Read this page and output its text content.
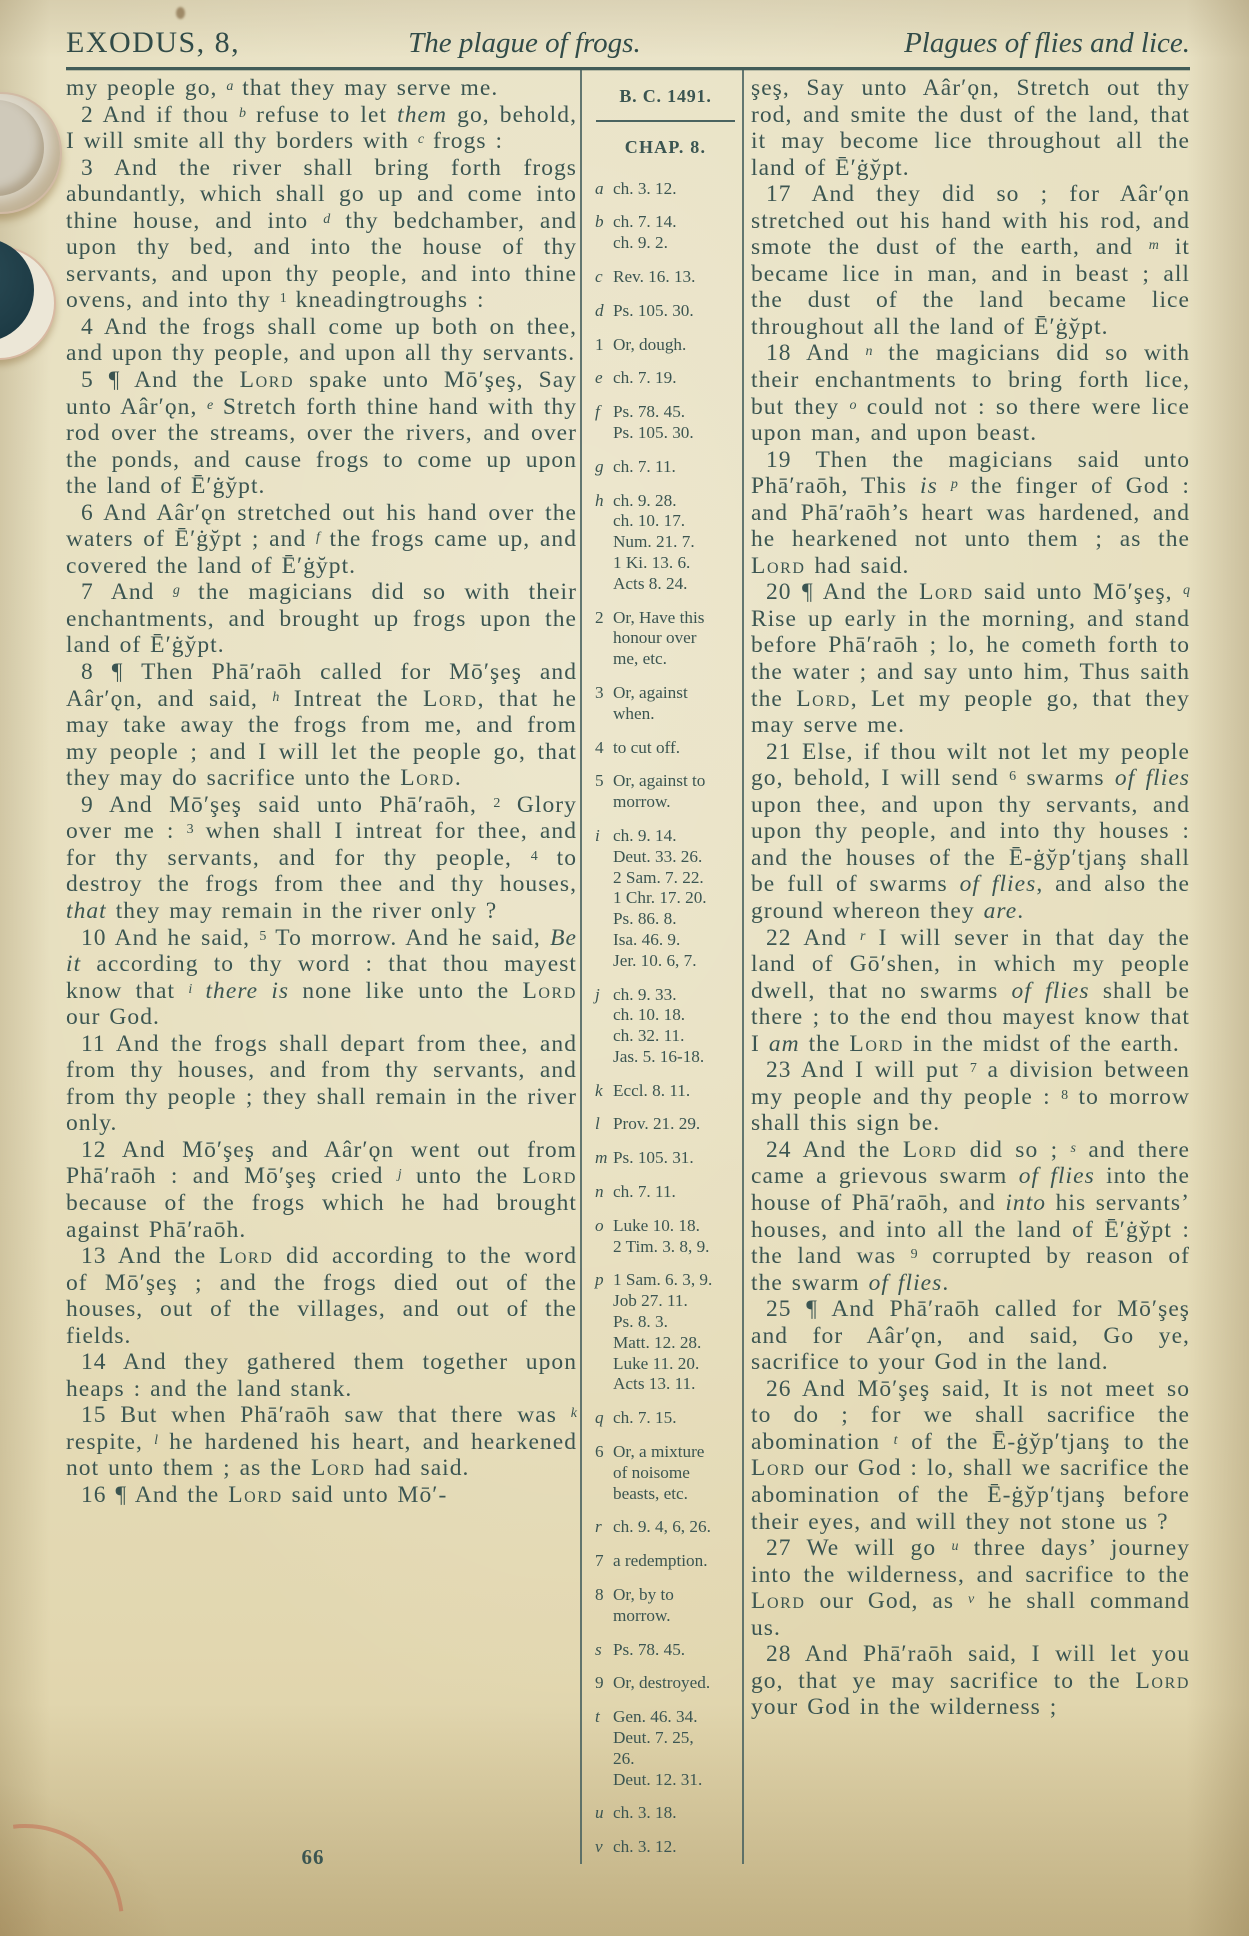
EXODUS, 8,	The plague of frogs.	Plagues of flies and lice.

my people go, $^a$ that they may serve me.

2 And if thou $^b$ refuse to let them go, behold, I will smite all thy borders with $^c$ frogs :

3 And the river shall bring forth frogs abundantly, which shall go up and come into thine house, and into $^d$ thy bedchamber, and upon thy bed, and into the house of thy servants, and upon thy people, and into thine ovens, and into thy $^1$ kneadingtroughs :

4 And the frogs shall come up both on thee, and upon thy people, and upon all thy servants.

5 ¶ And the Lord spake unto Mō′şeş, Say unto Aâr′ǫn, $^e$ Stretch forth thine hand with thy rod over the streams, over the rivers, and over the ponds, and cause frogs to come up upon the land of Ē′ġy̆pt.

6 And Aâr′ǫn stretched out his hand over the waters of Ē′ġy̆pt ; and $^f$ the frogs came up, and covered the land of Ē′ġy̆pt.

7 And $^g$ the magicians did so with their enchantments, and brought up frogs upon the land of Ē′ġy̆pt.

8 ¶ Then Phā′raōh called for Mō′şeş and Aâr′ǫn, and said, $^h$ Intreat the Lord, that he may take away the frogs from me, and from my people ; and I will let the people go, that they may do sacrifice unto the Lord.

9 And Mō′şeş said unto Phā′raōh, $^2$ Glory over me : $^3$ when shall I intreat for thee, and for thy servants, and for thy people, $^4$ to destroy the frogs from thee and thy houses, that they may remain in the river only ?

10 And he said, $^5$ To morrow. And he said, Be it according to thy word : that thou mayest know that $^i$ there is none like unto the Lord our God.

11 And the frogs shall depart from thee, and from thy houses, and from thy servants, and from thy people ; they shall remain in the river only.

12 And Mō′şeş and Aâr′ǫn went out from Phā′raōh : and Mō′şeş cried $^j$ unto the Lord because of the frogs which he had brought against Phā′raōh.

13 And the Lord did according to the word of Mō′şeş ; and the frogs died out of the houses, out of the villages, and out of the fields.

14 And they gathered them together upon heaps : and the land stank.

15 But when Phā′raōh saw that there was $^k$ respite, $^l$ he hardened his heart, and hearkened not unto them ; as the Lord had said.

16 ¶ And the Lord said unto Mō′-

B. C. 1491.
CHAP. 8.
a ch. 3. 12.
b ch. 7. 14.
ch. 9. 2.
c Rev. 16. 13.
d Ps. 105. 30.
1 Or, dough.
e ch. 7. 19.
f Ps. 78. 45.
Ps. 105. 30.
g ch. 7. 11.
h ch. 9. 28.
ch. 10. 17.
Num. 21. 7.
1 Ki. 13. 6.
Acts 8. 24.
2 Or, Have this
honour over
me, etc.
3 Or, against
when.
4 to cut off.
5 Or, against to
morrow.
i ch. 9. 14.
Deut. 33. 26.
2 Sam. 7. 22.
1 Chr. 17. 20.
Ps. 86. 8.
Isa. 46. 9.
Jer. 10. 6, 7.
j ch. 9. 33.
ch. 10. 18.
ch. 32. 11.
Jas. 5. 16-18.
k Eccl. 8. 11.
l Prov. 21. 29.
m Ps. 105. 31.
n ch. 7. 11.
o Luke 10. 18.
2 Tim. 3. 8, 9.
p 1 Sam. 6. 3, 9.
Job 27. 11.
Ps. 8. 3.
Matt. 12. 28.
Luke 11. 20.
Acts 13. 11.
q ch. 7. 15.
6 Or, a mixture
of noisome
beasts, etc.
r ch. 9. 4, 6, 26.
7 a redemption.
8 Or, by to
morrow.
s Ps. 78. 45.
9 Or, destroyed.
t Gen. 46. 34.
Deut. 7. 25,
26.
Deut. 12. 31.
u ch. 3. 18.
v ch. 3. 12.

şeş, Say unto Aâr′ǫn, Stretch out thy rod, and smite the dust of the land, that it may become lice throughout all the land of Ē′ġy̆pt.

17 And they did so ; for Aâr′ǫn stretched out his hand with his rod, and smote the dust of the earth, and $^m$ it became lice in man, and in beast ; all the dust of the land became lice throughout all the land of Ē′ġy̆pt.

18 And $^n$ the magicians did so with their enchantments to bring forth lice, but they $^o$ could not : so there were lice upon man, and upon beast.

19 Then the magicians said unto Phā′raōh, This is $^p$ the finger of God : and Phā′raōh’s heart was hardened, and he hearkened not unto them ; as the Lord had said.

20 ¶ And the Lord said unto Mō′şeş, $^q$ Rise up early in the morning, and stand before Phā′raōh ; lo, he cometh forth to the water ; and say unto him, Thus saith the Lord, Let my people go, that they may serve me.

21 Else, if thou wilt not let my people go, behold, I will send $^6$ swarms of flies upon thee, and upon thy servants, and upon thy people, and into thy houses : and the houses of the Ē-ġy̆p′tjanş shall be full of swarms of flies, and also the ground whereon they are.

22 And $^r$ I will sever in that day the land of Gō′shen, in which my people dwell, that no swarms of flies shall be there ; to the end thou mayest know that I am the Lord in the midst of the earth.

23 And I will put $^7$ a division between my people and thy people : $^8$ to morrow shall this sign be.

24 And the Lord did so ; $^s$ and there came a grievous swarm of flies into the house of Phā′raōh, and into his servants’ houses, and into all the land of Ē′ġy̆pt : the land was $^9$ corrupted by reason of the swarm of flies.

25 ¶ And Phā′raōh called for Mō′şeş and for Aâr′ǫn, and said, Go ye, sacrifice to your God in the land.

26 And Mō′şeş said, It is not meet so to do ; for we shall sacrifice the abomination $^t$ of the Ē-ġy̆p′tjanş to the Lord our God : lo, shall we sacrifice the abomination of the Ē-ġy̆p′tjanş before their eyes, and will they not stone us ?

27 We will go $^u$ three days’ journey into the wilderness, and sacrifice to the Lord our God, as $^v$ he shall command us.

28 And Phā′raōh said, I will let you go, that ye may sacrifice to the Lord your God in the wilderness ;

66
